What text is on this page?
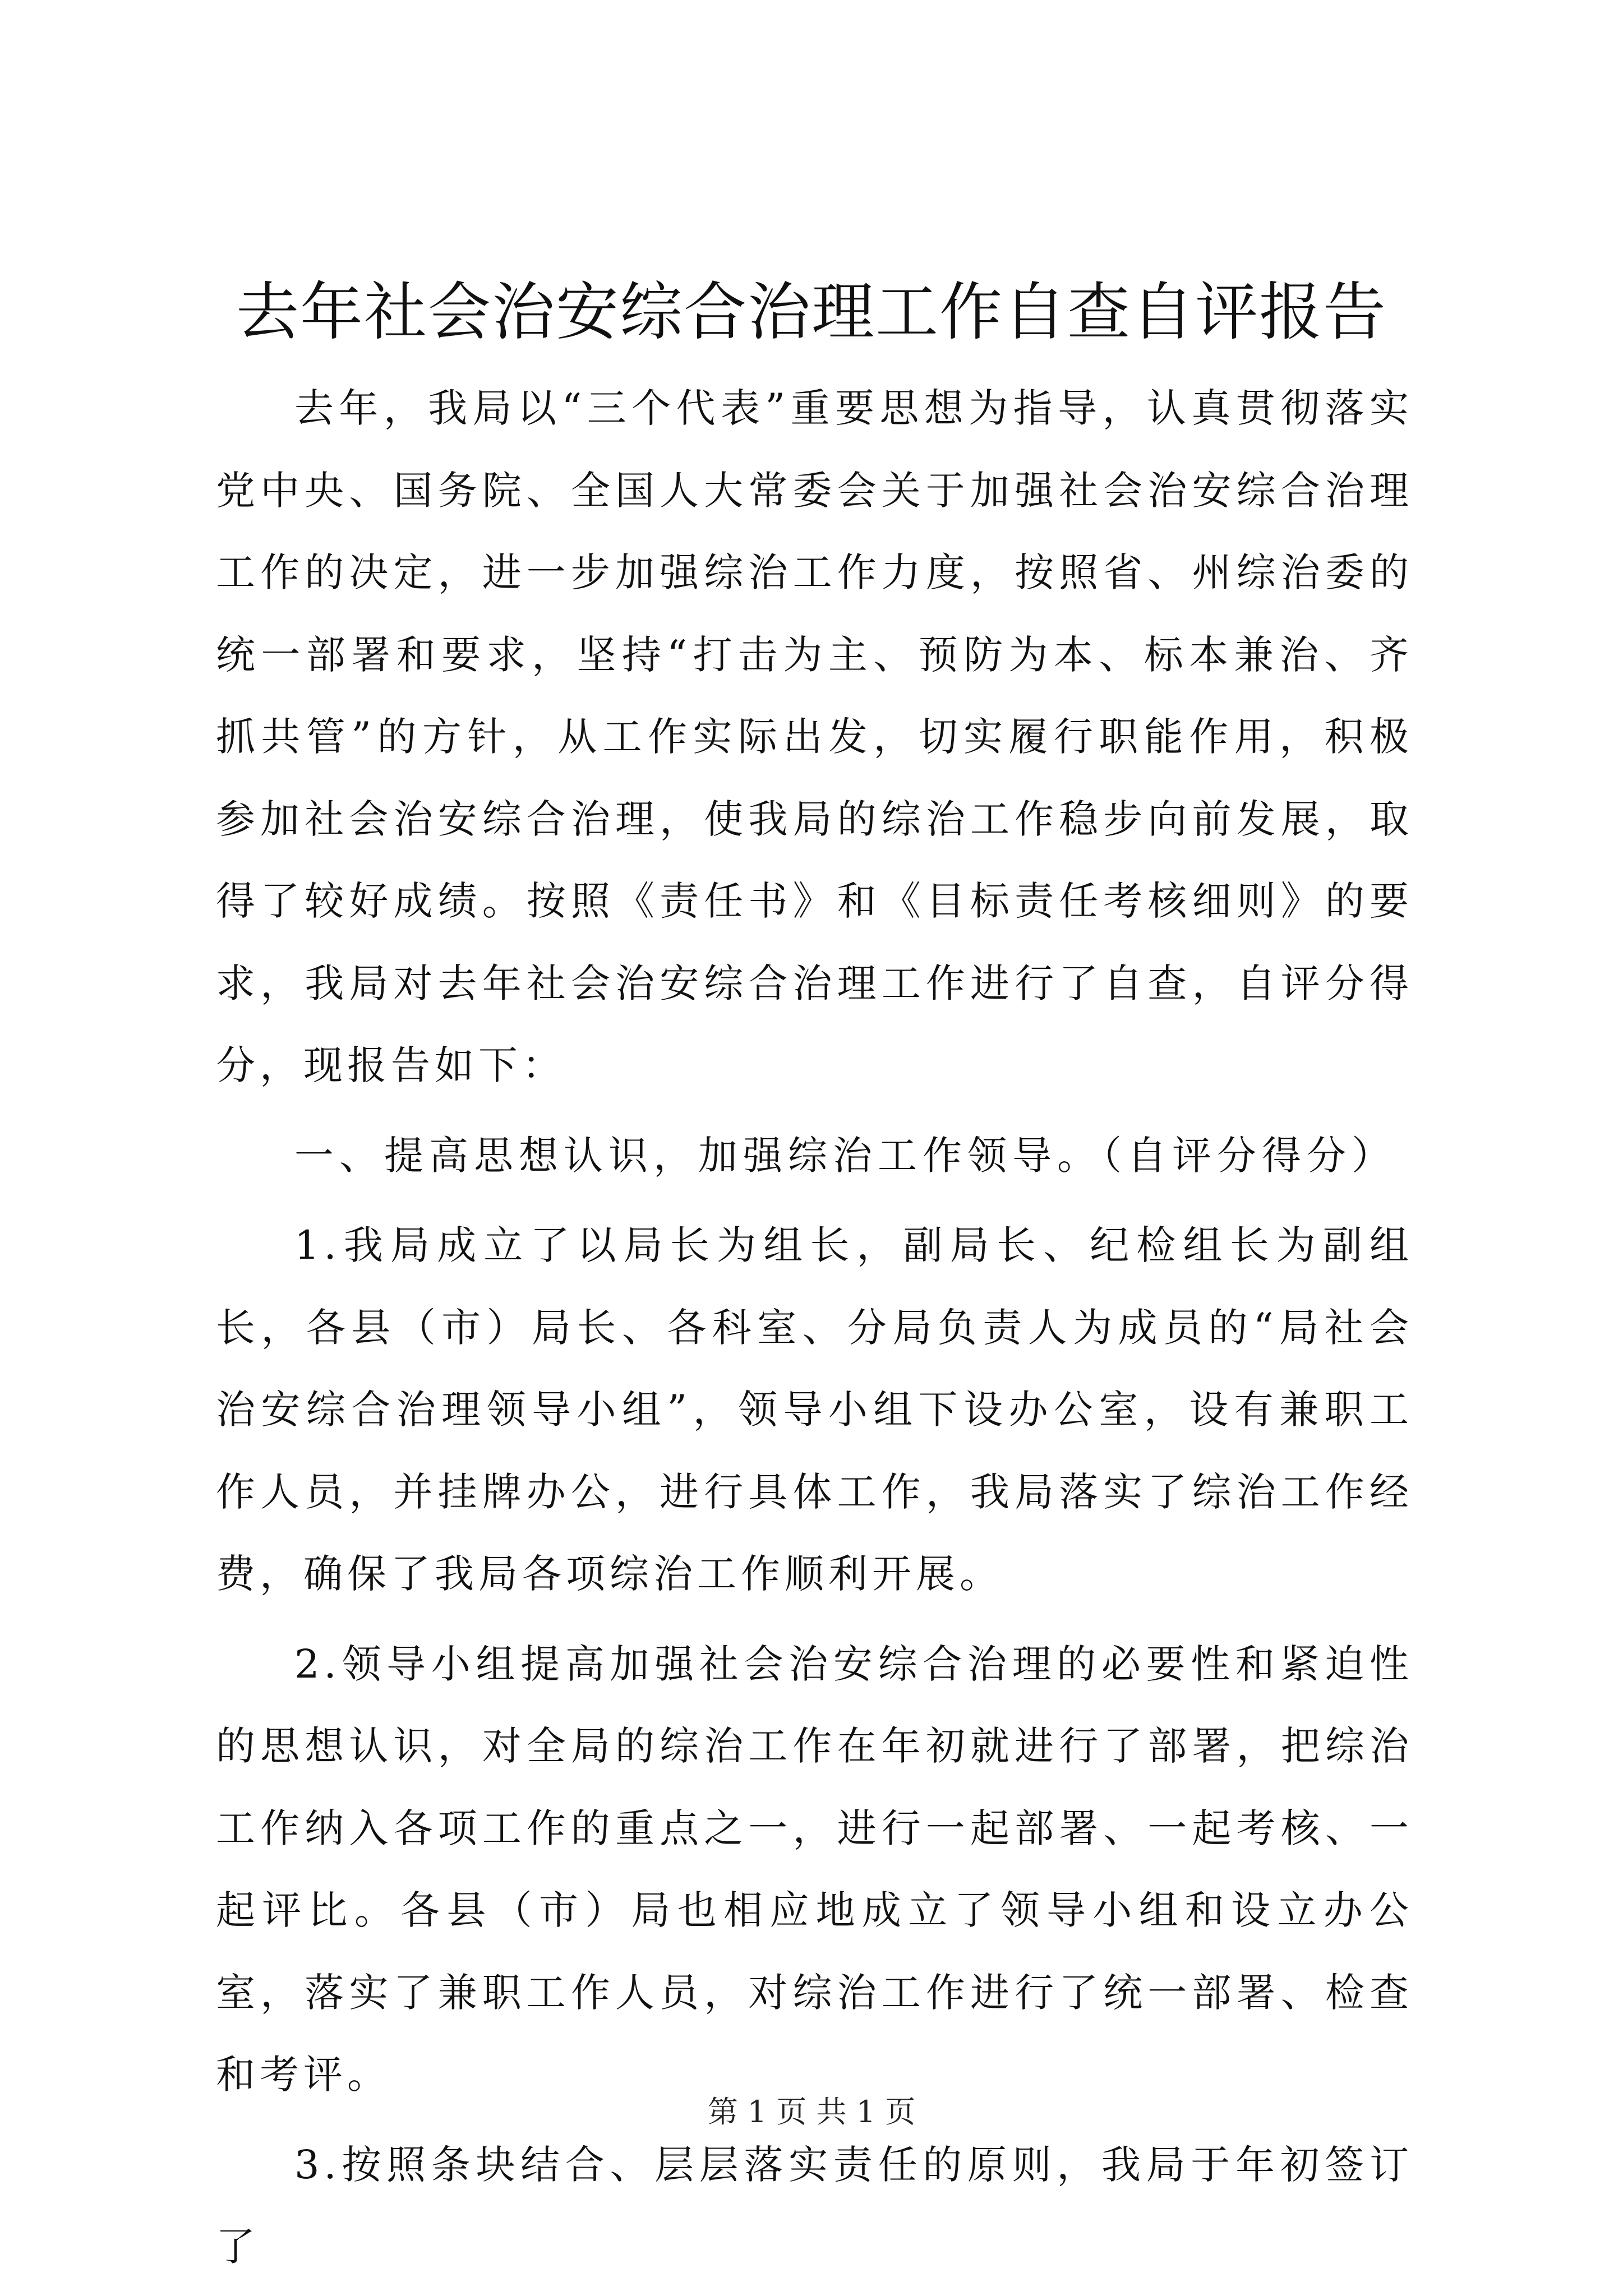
去年社会治安综合治理工作自查自评报告

去年，我局以“三个代表”重要思想为指导，认真贯彻落实党中央、国务院、全国人大常委会关于加强社会治安综合治理工作的决定，进一步加强综治工作力度，按照省、州综治委的统一部署和要求，坚持“打击为主、预防为本、标本兼治、齐抓共管”的方针，从工作实际出发，切实履行职能作用，积极参加社会治安综合治理，使我局的综治工作稳步向前发展，取得了较好成绩。按照《责任书》和《目标责任考核细则》的要求，我局对去年社会治安综合治理工作进行了自查，自评分得分，现报告如下：

一、提高思想认识，加强综治工作领导。（自评分得分）

1.我局成立了以局长为组长，副局长、纪检组长为副组长，各县（市）局长、各科室、分局负责人为成员的“局社会治安综合治理领导小组”，领导小组下设办公室，设有兼职工作人员，并挂牌办公，进行具体工作，我局落实了综治工作经费，确保了我局各项综治工作顺利开展。

2.领导小组提高加强社会治安综合治理的必要性和紧迫性的思想认识，对全局的综治工作在年初就进行了部署，把综治工作纳入各项工作的重点之一，进行一起部署、一起考核、一起评比。各县（市）局也相应地成立了领导小组和设立办公室，落实了兼职工作人员，对综治工作进行了统一部署、检查和考评。

3.按照条块结合、层层落实责任的原则，我局于年初签订了

第 1 页 共 1 页
